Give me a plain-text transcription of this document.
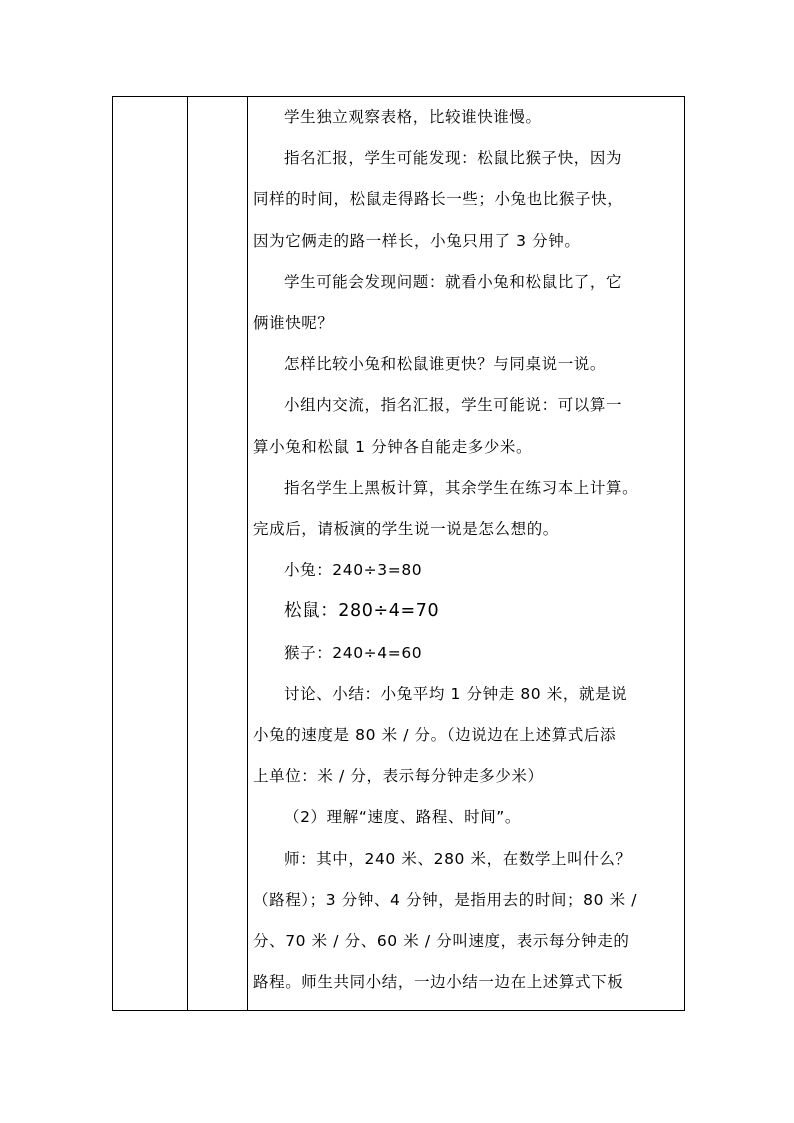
学生独立观察表格，比较谁快谁慢。

指名汇报，学生可能发现：松鼠比猴子快，因为

同样的时间，松鼠走得路长一些；小兔也比猴子快，

因为它俩走的路一样长，小兔只用了 3 分钟。

学生可能会发现问题：就看小兔和松鼠比了，它

俩谁快呢？

怎样比较小兔和松鼠谁更快？与同桌说一说。

小组内交流，指名汇报，学生可能说：可以算一

算小兔和松鼠 1 分钟各自能走多少米。

指名学生上黑板计算，其余学生在练习本上计算。

完成后，请板演的学生说一说是怎么想的。

小兔：240÷3=80

松鼠：280÷4=70

猴子：240÷4=60

讨论、小结：小兔平均 1 分钟走 80 米，就是说

小兔的速度是 80 米 / 分。（边说边在上述算式后添

上单位：米 / 分，表示每分钟走多少米）

（2）理解“速度、路程、时间”。

师：其中，240 米、280 米，在数学上叫什么？

（路程）；3 分钟、4 分钟，是指用去的时间；80 米 /

分、70 米 / 分、60 米 / 分叫速度，表示每分钟走的

路程。师生共同小结，一边小结一边在上述算式下板
